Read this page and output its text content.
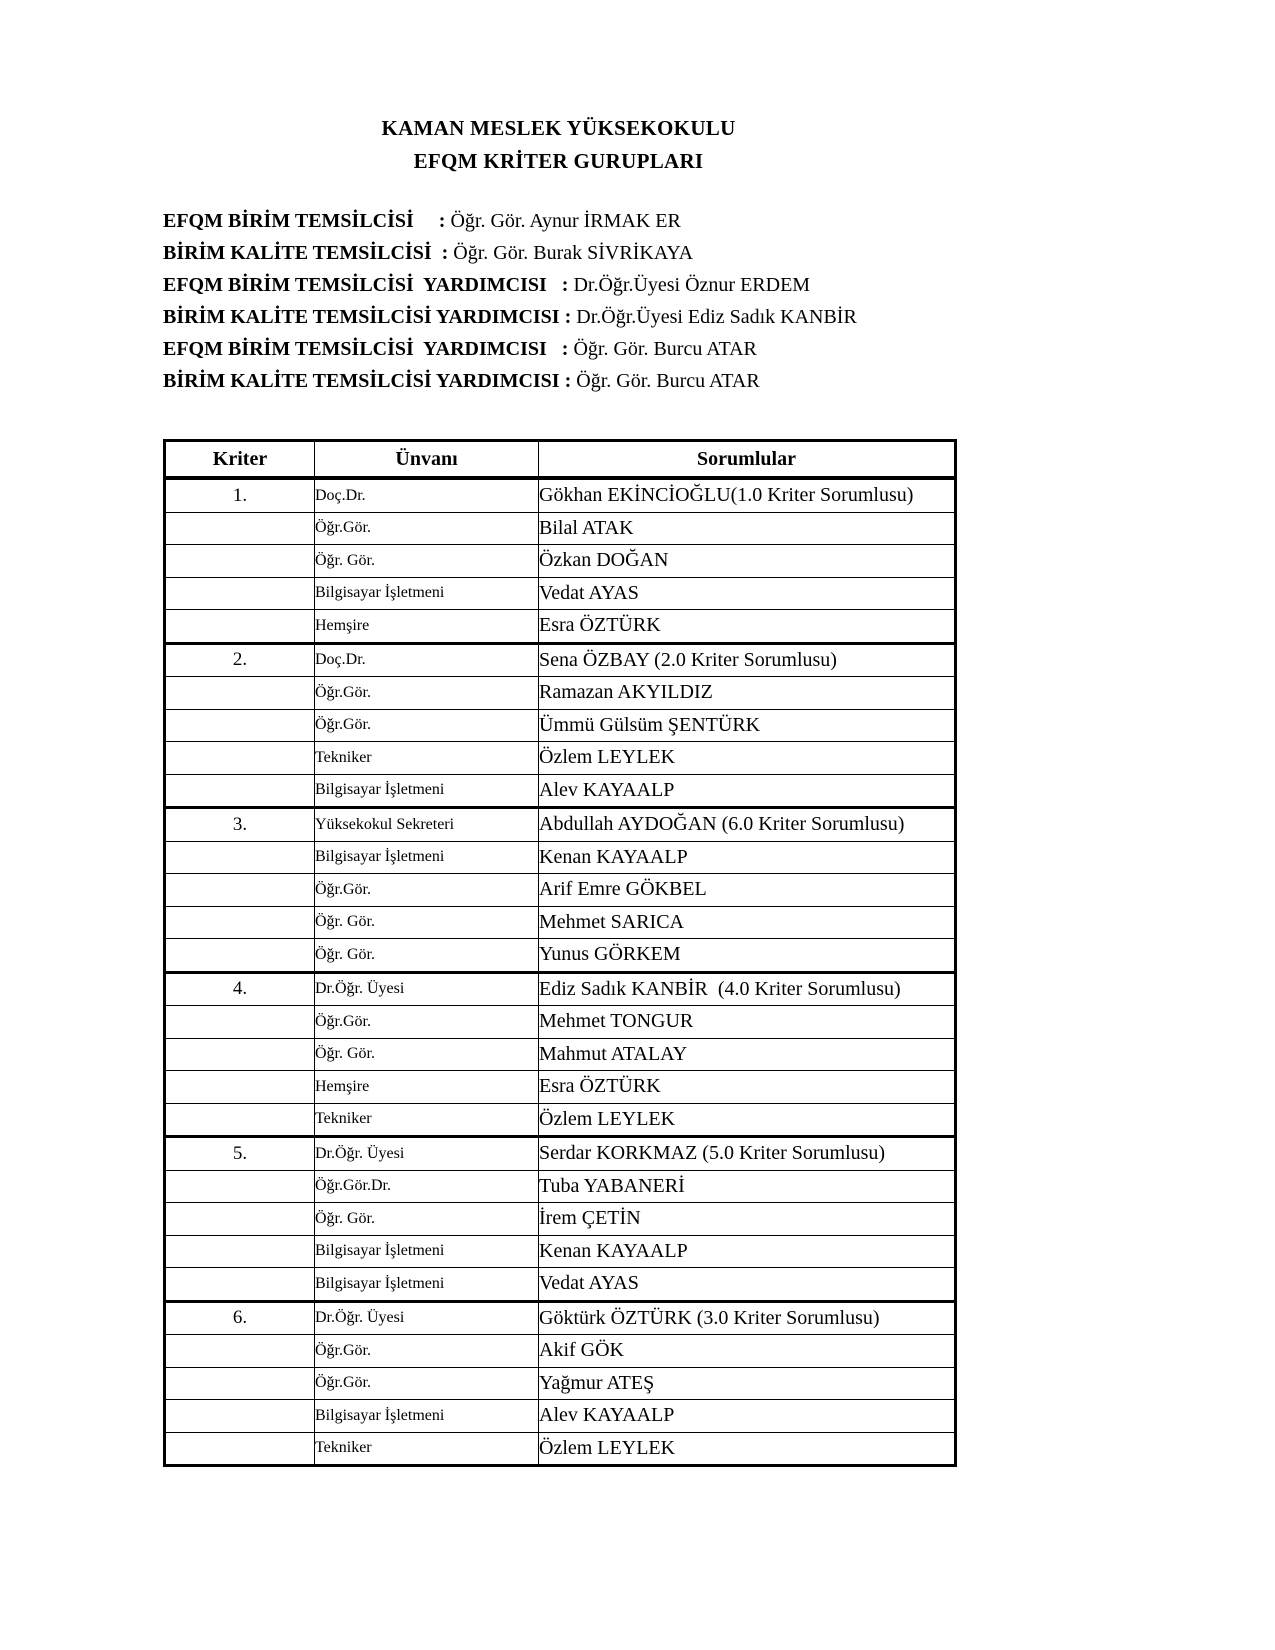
KAMAN MESLEK YÜKSEKOKULU
EFQM KRİTER GURUPLARI
EFQM BİRİM TEMSİLCİSİ     : Öğr. Gör. Aynur İRMAK ER
BİRİM KALİTE TEMSİLCİSİ  : Öğr. Gör. Burak SİVRİKAYA
EFQM BİRİM TEMSİLCİSİ  YARDIMCISI   : Dr.Öğr.Üyesi Öznur ERDEM
BİRİM KALİTE TEMSİLCİSİ YARDIMCISI : Dr.Öğr.Üyesi Ediz Sadık KANBİR
EFQM BİRİM TEMSİLCİSİ  YARDIMCISI   : Öğr. Gör. Burcu ATAR
BİRİM KALİTE TEMSİLCİSİ YARDIMCISI : Öğr. Gör. Burcu ATAR
Kriter	Ünvanı	Sorumlular
1.	Doç.Dr.	Gökhan EKİNCİOĞLU(1.0 Kriter Sorumlusu)
	Öğr.Gör.	Bilal ATAK
	Öğr. Gör.	Özkan DOĞAN
	Bilgisayar İşletmeni	Vedat AYAS
	Hemşire	Esra ÖZTÜRK
2.	Doç.Dr.	Sena ÖZBAY (2.0 Kriter Sorumlusu)
	Öğr.Gör.	Ramazan AKYILDIZ
	Öğr.Gör.	Ümmü Gülsüm ŞENTÜRK
	Tekniker	Özlem LEYLEK
	Bilgisayar İşletmeni	Alev KAYAALP
3.	Yüksekokul Sekreteri	Abdullah AYDOĞAN (6.0 Kriter Sorumlusu)
	Bilgisayar İşletmeni	Kenan KAYAALP
	Öğr.Gör.	Arif Emre GÖKBEL
	Öğr. Gör.	Mehmet SARICA
	Öğr. Gör.	Yunus GÖRKEM
4.	Dr.Öğr. Üyesi	Ediz Sadık KANBİR  (4.0 Kriter Sorumlusu)
	Öğr.Gör.	Mehmet TONGUR
	Öğr. Gör.	Mahmut ATALAY
	Hemşire	Esra ÖZTÜRK
	Tekniker	Özlem LEYLEK
5.	Dr.Öğr. Üyesi	Serdar KORKMAZ (5.0 Kriter Sorumlusu)
	Öğr.Gör.Dr.	Tuba YABANERİ
	Öğr. Gör.	İrem ÇETİN
	Bilgisayar İşletmeni	Kenan KAYAALP
	Bilgisayar İşletmeni	Vedat AYAS
6.	Dr.Öğr. Üyesi	Göktürk ÖZTÜRK (3.0 Kriter Sorumlusu)
	Öğr.Gör.	Akif GÖK
	Öğr.Gör.	Yağmur ATEŞ
	Bilgisayar İşletmeni	Alev KAYAALP
	Tekniker	Özlem LEYLEK
